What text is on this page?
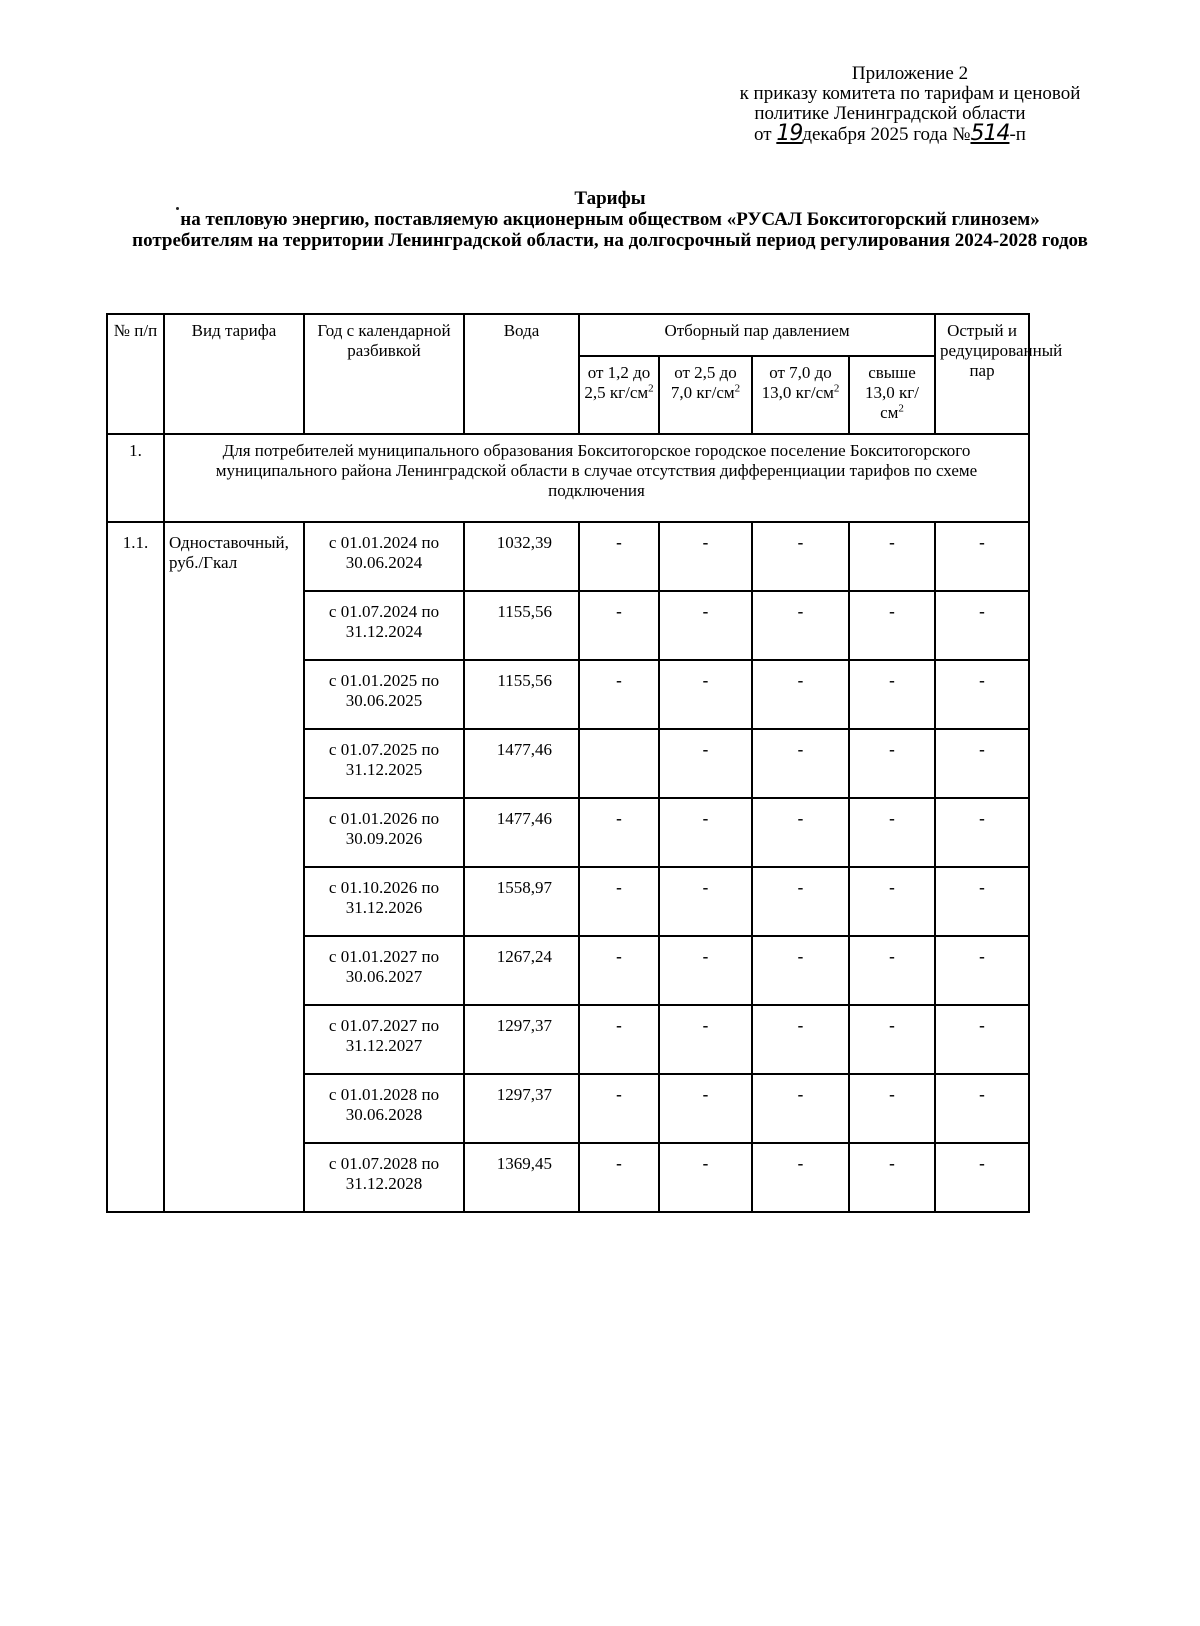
Приложение 2
к приказу комитета по тарифам и ценовой
политике Ленинградской области
от 19декабря 2025 года №514-п
Тарифы
на тепловую энергию, поставляемую акционерным обществом «РУСАЛ Бокситогорский глинозем» потребителям на территории Ленинградской области, на долгосрочный период регулирования 2024-2028 годов
№ п/п	Вид тарифа	Год с календарной разбивкой	Вода	Отборный пар давлением				Острый и редуцированный пар
				от 1,2 до 2,5 $кг/см^2$	от 2,5 до 7,0 $кг/см^2$	от 7,0 до 13,0 $кг/см^2$	свыше 13,0 $кг/см^2$
1.	Для потребителей муниципального образования Бокситогорское городское поселение Бокситогорского муниципального района Ленинградской области в случае отсутствия дифференциации тарифов по схеме подключения							
1.1.	Одноставочный, руб./Гкал	с 01.01.2024 по 30.06.2024	1032,39	-	-	-	-	-
		с 01.07.2024 по 31.12.2024	1155,56	-	-	-	-	-
		с 01.01.2025 по 30.06.2025	1155,56	-	-	-	-	-
		с 01.07.2025 по 31.12.2025	1477,46		-	-	-	-
		с 01.01.2026 по 30.09.2026	1477,46	-	-	-	-	-
		с 01.10.2026 по 31.12.2026	1558,97	-	-	-	-	-
		с 01.01.2027 по 30.06.2027	1267,24	-	-	-	-	-
		с 01.07.2027 по 31.12.2027	1297,37	-	-	-	-	-
		с 01.01.2028 по 30.06.2028	1297,37	-	-	-	-	-
		с 01.07.2028 по 31.12.2028	1369,45	-	-	-	-	-
